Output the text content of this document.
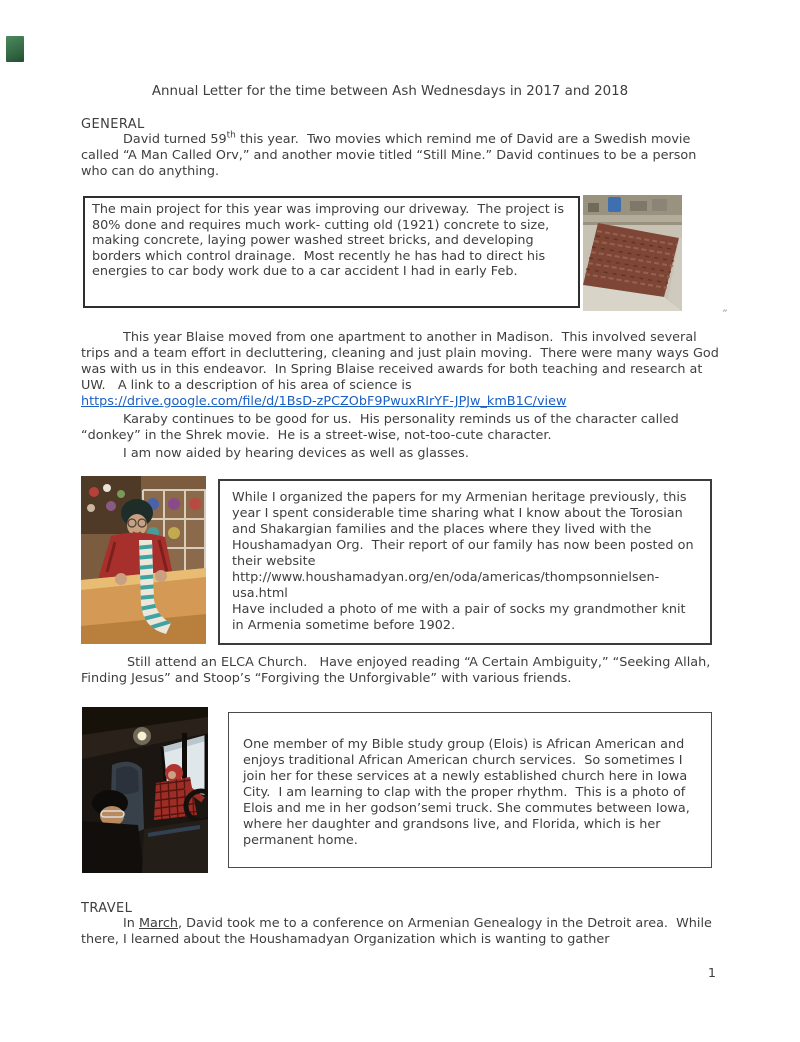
″
Annual Letter for the time between Ash Wednesdays in 2017 and 2018
GENERAL

David turned 59th this year.  Two movies which remind me of David are a Swedish movie called “A Man Called Orv,” and another movie titled “Still Mine.” David continues to be a person who can do anything.

The main project for this year was improving our driveway.  The project is 80% done and requires much work- cutting old (1921) concrete to size, making concrete, laying power washed street bricks, and developing borders which control drainage.  Most recently he has had to direct his energies to car body work due to a car accident I had in early Feb.

This year Blaise moved from one apartment to another in Madison.  This involved several trips and a team effort in decluttering, cleaning and just plain moving.  There were many ways God was with us in this endeavor.  In Spring Blaise received awards for both teaching and research at UW.   A link to a description of his area of science is https://drive.google.com/file/d/1BsD-zPCZObF9PwuxRIrYF-JPJw_kmB1C/view

Karaby continues to be good for us.  His personality reminds us of the character called “donkey” in the Shrek movie.  He is a street-wise, not-too-cute character.

I am now aided by hearing devices as well as glasses.

While I organized the papers for my Armenian heritage previously, this year I spent considerable time sharing what I know about the Torosian and Shakargian families and the places where they lived with the Houshamadyan Org.  Their report of our family has now been posted on their website
http://www.houshamadyan.org/en/oda/americas/thompsonnielsen-usa.html
Have included a photo of me with a pair of socks my grandmother knit in Armenia sometime before 1902.

Still attend an ELCA Church.   Have enjoyed reading “A Certain Ambiguity,” “Seeking Allah, Finding Jesus” and Stoop’s “Forgiving the Unforgivable” with various friends.

One member of my Bible study group (Elois) is African American and enjoys traditional African American church services.  So sometimes I join her for these services at a newly established church here in Iowa City.  I am learning to clap with the proper rhythm.  This is a photo of Elois and me in her godson’semi truck. She commutes between Iowa, where her daughter and grandsons live, and Florida, which is her permanent home.
TRAVEL

In March, David took me to a conference on Armenian Genealogy in the Detroit area.  While there, I learned about the Houshamadyan Organization which is wanting to gather

1
